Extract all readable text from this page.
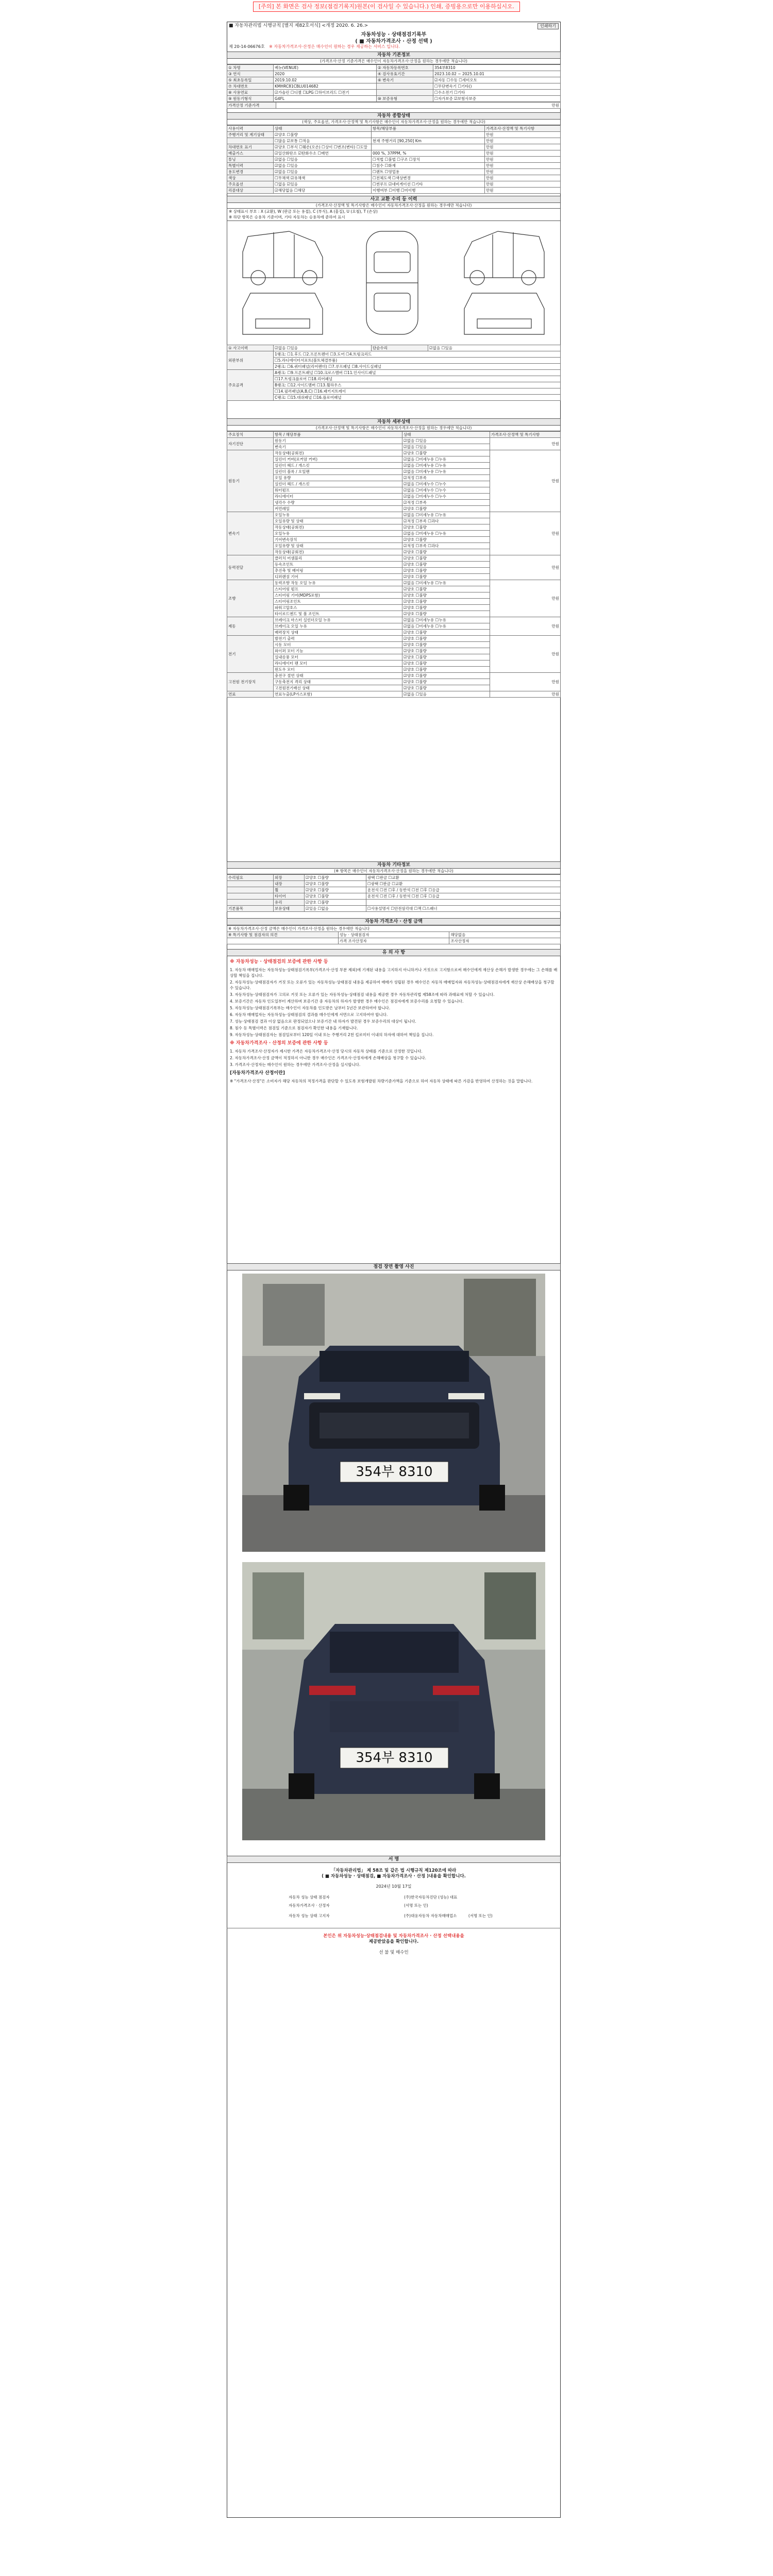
[주의] 본 화면은 검사 정보(점검기록지)원본(이 검사일 수 있습니다.) 인쇄, 증빙용으로만 이용하십시오.
■ 자동차관리법 시행규칙 [별지 제82호서식] <개정 2020. 6. 26.>	인쇄하기
자동차성능 · 상태점검기록부
( ■ 자동차가격조사 · 산정 선택 )
제 20-14-06676호 ※ 자동차가격조사·산정은 매수인이 원하는 경우 제공하는 서비스 입니다.
자동차 기본정보
(가격조사·산정 기준가격은 매수인이 자동차가격조사·산정을 원하는 경우에만 적습니다)
① 차명	베뉴(VENUE)	② 자동차등록번호	354부8310
③ 연식	2020	④ 검사유효기간	2023.10.02 ~ 2025.10.01
⑤ 최초등록일	2019.10.02	⑥ 변속기	☑자동 ☐수동 ☐세미오토
⑦ 차대번호	KMHRC81CBLU014682		☐무단변속기 ☐기타()
⑧ 사용연료	☑가솔린 ☐디젤 ☐LPG ☐하이브리드 ☐전기		☐수소전기 ☐기타
⑨ 원동기형식	G4FL	⑩ 보증유형	☐자가보증 ☑보험사보증
가격산정 기준가격	만원
자동차 종합상태
(색상, 주요옵션, 가격조사·산정액 및 특기사항은 매수인이 자동차가격조사·산정을 원하는 경우에만 적습니다)
사용이력	상태	항목/해당부품	가격조사·산정액 및 특기사항
주행거리 및 계기상태	☑양호 ☐불량		만원
	☐많음 ☑보통 ☐적음	현재 주행거리 [90,250] Km	만원
차대번호 표기	☑양호 ☐부식 ☐훼손(오손) ☐상이 ☐변조(변타) ☐도말		만원
배출가스	☑일산화탄소 ☑탄화수소 ☐매연	000 %, 37PPM, %	만원
튜닝	☑없음 ☐있음	☐적법 ☐불법 ☐구조 ☐장치	만원
특별이력	☑없음 ☐있음	☐침수 ☐화재	만원
용도변경	☑없음 ☐있음	☐렌트 ☐영업용	만원
색상	☐무채색 ☑유채색	☐전체도색 ☐색상변경	만원
주요옵션	☐없음 ☑있음	☐썬루프 ☑네비게이션 ☐기타	만원
리콜대상	☑해당없음 ☐해당	이행여부 ☐이행 ☐미이행	만원
사고 교환 수리 등 이력
(가격조사·산정액 및 특기사항은 매수인이 자동차가격조사·산정을 원하는 경우에만 적습니다)
※ 상태표시 부호 : X (교환), W (판금 또는 용접), C (부식), A (흠집), U (요철), T (손상)
※ 하단 항목은 승용차 기준이며, 기타 자동차는 승용차에 준하여 표시
① 사고이력	☑없음 ☐있음	단순수리	☑없음 ☐있음
외판부위	1랭크: ☐1.후드 ☐2.프론트펜더 ☐3.도어 ☐4.트렁크리드		
	☐5.라디에이터서포트(볼트체결부품)		
	2랭크: ☐6.쿼터패널(리어펜더) ☐7.루프패널 ☐8.사이드실패널		
주요골격	A랭크: ☐9.프론트패널 ☐10.크로스멤버 ☐11.인사이드패널		
	☐17.트렁크플로어 ☐18.리어패널		
	B랭크: ☐12.사이드멤버 ☐13.휠하우스		
	☐14.필러패널(A,B,C) ☐16.패키지트레이		
	C랭크: ☐15.대쉬패널 ☐16.플로어패널		
자동차 세부상태
(가격조사·산정액 및 특기사항은 매수인이 자동차가격조사·산정을 원하는 경우에만 적습니다)
주요장치	항목 / 해당부품	상태	가격조사·산정액 및 특기사항
자기진단	원동기	☑없음 ☐있음	만원
	변속기	☑없음 ☐있음	
원동기	작동상태(공회전)	☑양호 ☐불량	만원
	실린더 커버(로커암 커버)	☑없음 ☐미세누유 ☐누유	
	실린더 헤드 / 개스킷	☑없음 ☐미세누유 ☐누유	
	실린더 블록 / 오일팬	☑없음 ☐미세누유 ☐누유	
	오일 유량	☑적정 ☐부족	
	실린더 헤드 / 개스킷	☑없음 ☐미세누수 ☐누수	
	워터펌프	☑없음 ☐미세누수 ☐누수	
	라디에이터	☑없음 ☐미세누수 ☐누수	
	냉각수 수량	☑적정 ☐부족	
	커먼레일	☑양호 ☐불량	
변속기	오일누유	☑없음 ☐미세누유 ☐누유	만원
	오일유량 및 상태	☑적정 ☐부족 ☐과다	
	작동상태(공회전)	☑양호 ☐불량	
	오일누유	☑없음 ☐미세누유 ☐누유	
	기어변속장치	☑양호 ☐불량	
	오일유량 및 상태	☑적정 ☐부족 ☐과다	
	작동상태(공회전)	☑양호 ☐불량	
동력전달	클러치 어셈블리	☑양호 ☐불량	만원
	등속조인트	☑양호 ☐불량	
	추진축 및 베어링	☑양호 ☐불량	
	디퍼렌셜 기어	☑양호 ☐불량	
조향	동력조향 작동 오일 누유	☑없음 ☐미세누유 ☐누유	만원
	스티어링 펌프	☑양호 ☐불량	
	스티어링 기어(MDPS포함)	☑양호 ☐불량	
	스티어링조인트	☑양호 ☐불량	
	파워고압호스	☑양호 ☐불량	
	타이로드엔드 및 볼 조인트	☑양호 ☐불량	
제동	브레이크 마스터 실린더오일 누유	☑없음 ☐미세누유 ☐누유	만원
	브레이크 오일 누유	☑없음 ☐미세누유 ☐누유	
	배력장치 상태	☑양호 ☐불량	
전기	발전기 출력	☑양호 ☐불량	만원
	시동 모터	☑양호 ☐불량	
	와이퍼 모터 기능	☑양호 ☐불량	
	실내송풍 모터	☑양호 ☐불량	
	라디에이터 팬 모터	☑양호 ☐불량	
	윈도우 모터	☑양호 ☐불량	
고전원 전기장치	충전구 절연 상태	☑양호 ☐불량	만원
	구동축전지 격리 상태	☑양호 ☐불량	
	고전원전기배선 상태	☑양호 ☐불량	
연료	연료누출(LP가스포함)	☑없음 ☐있음	만원
자동차 기타정보
(※ 항목은 매수인이 자동차가격조사·산정을 원하는 경우에만 적습니다)
수리필요	외장	☑양호 ☐불량	광택 ☐판금 ☐교환
	내장	☑양호 ☐불량	☐광택 ☐판금 ☐교환
	휠	☑양호 ☐불량	운전석 ☐전 ☐후 / 동반석 ☐전 ☐후 ☐응급
	타이어	☑양호 ☐불량	운전석 ☐전 ☐후 / 동반석 ☐전 ☐후 ☐응급
	유리	☑양호 ☐불량	
기본품목	보유상태	☑있음 ☐없음	☐사용설명서 ☐안전삼각대 ☐잭 ☐스패너
자동차 가격조사 · 산정 금액
※ 자동차가격조사·산정 금액은 매수인이 가격조사·산정을 원하는 경우에만 적습니다		
※ 특기사항 및 점검자의 의견	성능 · 상태점검자	해당없음
	가격 조사산정자	조사산정자
유 의 사 항
※ 자동차성능 · 상태점검의 보증에 관한 사항 등

1. 자동차 매매업자는 자동차성능·상태점검기록부(가격조사·산정 부분 제외)에 기재된 내용을 고지하지 아니하거나 거짓으로 고지함으로써 매수인에게 재산상 손해가 발생한 경우에는 그 손해를 배상할 책임을 집니다.

2. 자동차성능·상태점검자가 거짓 또는 오류가 있는 자동차성능·상태점검 내용을 제공하여 매매가 성립된 경우 매수인은 자동차 매매업자와 자동차성능·상태점검자에게 재산상 손해배상을 청구할 수 있습니다.

3. 자동차성능·상태점검자가 고의로 거짓 또는 오류가 있는 자동차성능·상태점검 내용을 제공한 경우 자동차관리법 제58조에 따라 과태료에 처할 수 있습니다.

4. 보증기간은 자동차 인도일부터 계산하며 보증기간 중 자동차의 하자가 발생한 경우 매수인은 점검자에게 보증수리를 요청할 수 있습니다.

5. 자동차성능·상태점검기록부는 매수인이 자동차를 인도받은 날부터 1년간 보관하여야 합니다.

6. 자동차 매매업자는 자동차성능·상태점검의 결과를 매수인에게 서면으로 고지하여야 합니다.

7. 성능·상태점검 결과 이상 없음으로 판정되었으나 보증기간 내 하자가 발견된 경우 보증수리의 대상이 됩니다.

8. 침수 등 특별이력은 점검일 기준으로 점검자가 확인한 내용을 기재합니다.

9. 자동차성능·상태점검자는 점검일로부터 120일 이내 또는 주행거리 2천 킬로미터 이내의 하자에 대하여 책임을 집니다.

※ 자동차가격조사 · 산정의 보증에 관한 사항 등

1. 자동차 가격조사·산정자가 제시한 가격은 자동차가격조사·산정 당시의 자동차 상태를 기준으로 산정한 것입니다.

2. 자동차가격조사·산정 금액이 적정하지 아니한 경우 매수인은 가격조사·산정자에게 손해배상을 청구할 수 있습니다.

3. 가격조사·산정자는 매수인이 원하는 경우에만 가격조사·산정을 실시합니다.

[자동차가격조사 산정이란]

※ "가격조사·산정"은 소비자가 해당 자동차의 적정가격을 판단할 수 있도록 보험개발원 차량기준가액을 기준으로 하여 자동차 상태에 따른 가감을 반영하여 산정하는 것을 말합니다.

점검 장면 촬영 사진
354부 8310
354부 8310
서 명
「자동차관리법」 제 58조 및 같은 법 시행규칙 제120조에 따라
( ■ 자동차성능 · 상태점검, ■ 자동차가격조사 · 산정 )내용을 확인합니다.
2024년 10월 17일
자동차 성능 상태 점검자	(주)한국자동차진단 (성능) 대표
자동차가격조사 · 산정자	(서명 또는 인)
자동차 성능 상태 고지자	(주)대웅자동차 자동차매매업소 (서명 또는 인)
본인은 위 자동차성능·상태점검내용 및 자동차가격조사 · 산정 선택내용을
제공받았음을 확인합니다.
선 불 및 매수인
